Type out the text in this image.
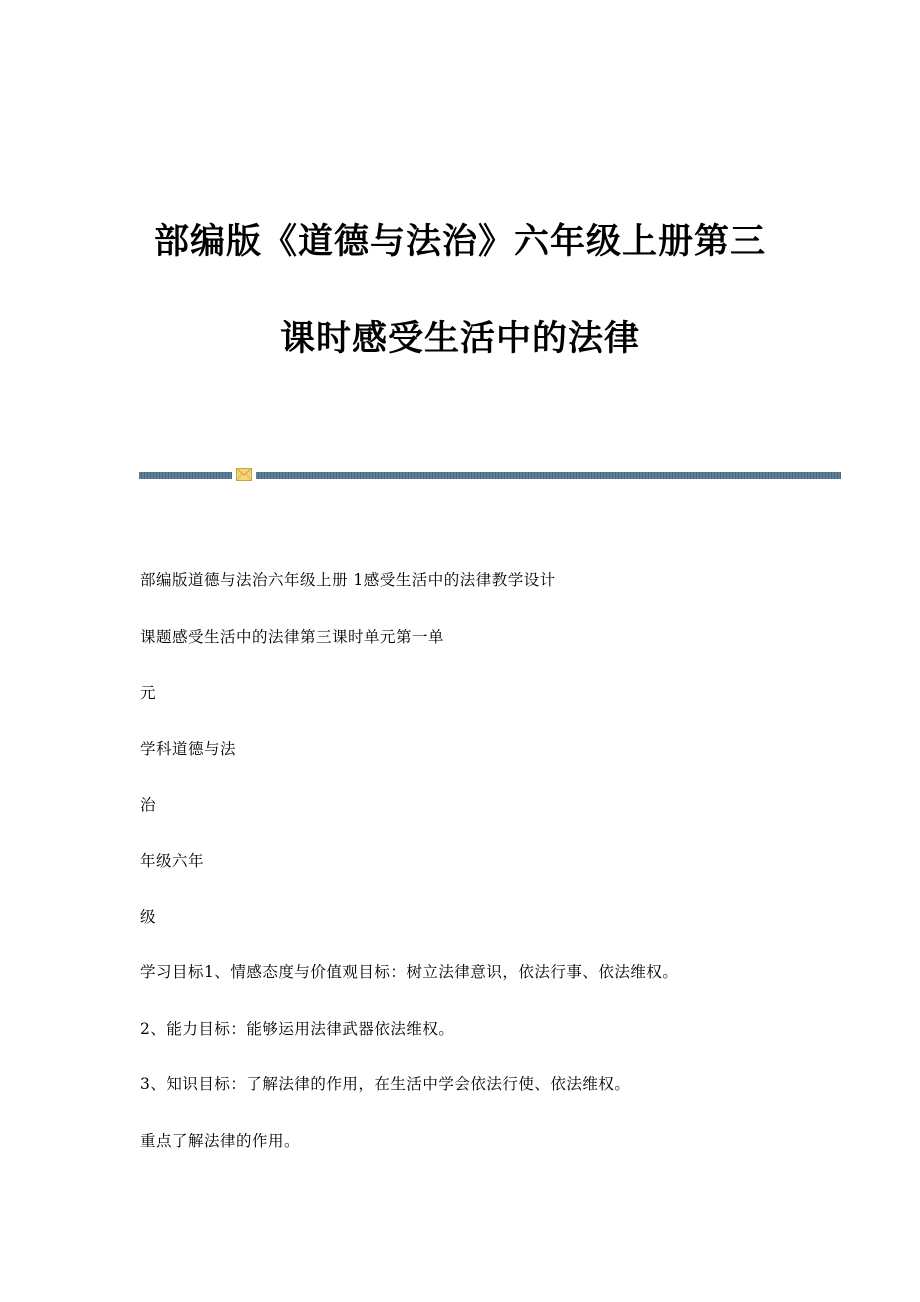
部编版《道德与法治》六年级上册第三
课时感受生活中的法律
部编版道德与法治六年级上册 1感受生活中的法律教学设计
课题感受生活中的法律第三课时单元第一单
元
学科道德与法
治
年级六年
级
学习目标1、情感态度与价值观目标：树立法律意识，依法行事、依法维权。
2、能力目标：能够运用法律武器依法维权。
3、知识目标：了解法律的作用，在生活中学会依法行使、依法维权。
重点了解法律的作用。
